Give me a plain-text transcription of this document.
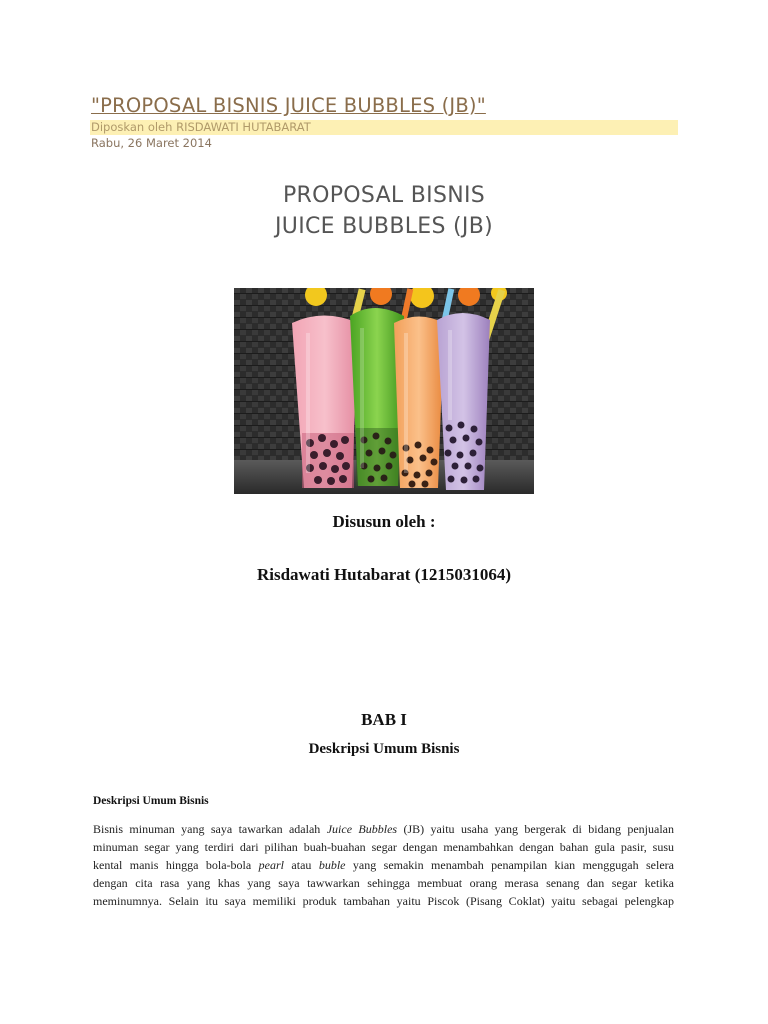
"PROPOSAL BISNIS JUICE BUBBLES (JB)"
Diposkan oleh RISDAWATI HUTABARAT
Rabu, 26 Maret 2014
PROPOSAL BISNIS
JUICE BUBBLES (JB)
Disusun oleh :
Risdawati Hutabarat (1215031064)
BAB I
Deskripsi Umum Bisnis
Deskripsi Umum Bisnis
Bisnis minuman yang saya tawarkan adalah Juice Bubbles (JB) yaitu usaha yang bergerak di bidang penjualan
minuman segar yang terdiri dari pilihan buah-buahan segar dengan menambahkan dengan bahan gula pasir, susu
kental manis hingga bola-bola pearl atau buble yang semakin menambah penampilan kian menggugah selera
dengan cita rasa yang khas yang saya tawwarkan sehingga membuat orang merasa senang dan segar ketika
meminumnya. Selain itu saya memiliki produk tambahan yaitu Piscok (Pisang Coklat) yaitu sebagai pelengkap
